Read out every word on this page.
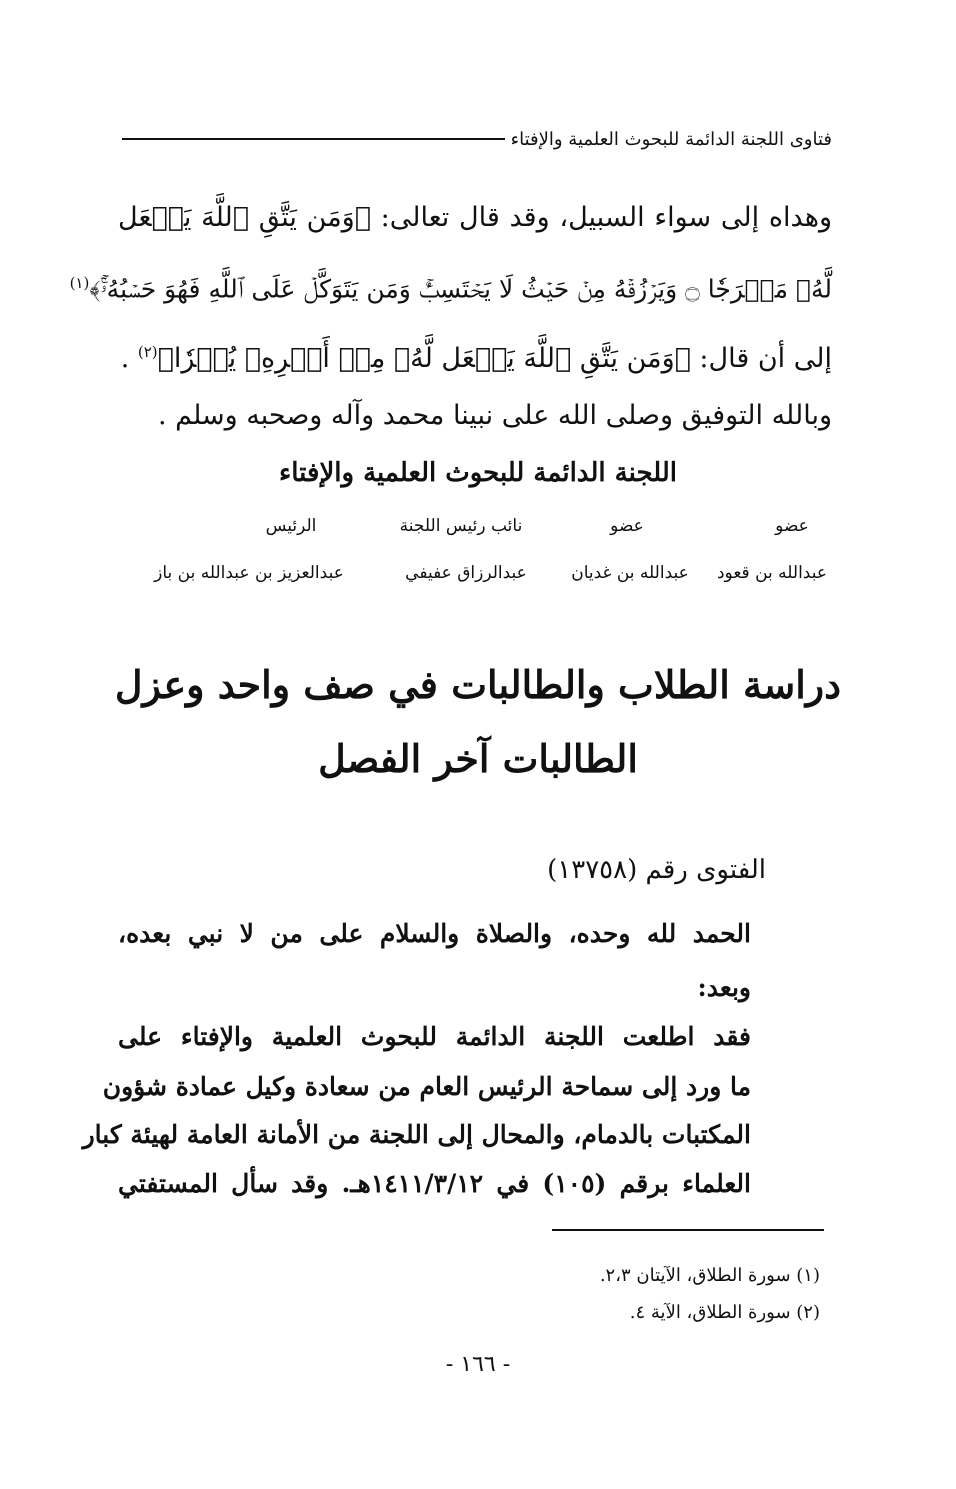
فتاوى اللجنة الدائمة للبحوث العلمية والإفتاء
وهداه إلى سواء السبيل، وقد قال تعالى: ﴿وَمَن يَتَّقِ ٱللَّهَ يَجۡعَل
لَّهُۥ مَخۡرَجٗا ۝ وَيَرۡزُقۡهُ مِنۡ حَيۡثُ لَا يَحۡتَسِبُۚ وَمَن يَتَوَكَّلۡ عَلَى ٱللَّهِ فَهُوَ حَسۡبُهُۥٓۚ﴾$^{(١)}$
إلى أن قال: ﴿وَمَن يَتَّقِ ٱللَّهَ يَجۡعَل لَّهُۥ مِنۡ أَمۡرِهِۦ يُسۡرٗا﴾$^{(٢)}$ .
وبالله التوفيق وصلى الله على نبينا محمد وآله وصحبه وسلم .
اللجنة الدائمة للبحوث العلمية والإفتاء
عضو
عضو
نائب رئيس اللجنة
الرئيس
عبدالله بن قعود
عبدالله بن غديان
عبدالرزاق عفيفي
عبدالعزيز بن عبدالله بن باز
دراسة الطلاب والطالبات في صف واحد وعزل
الطالبات آخر الفصل
الفتوى رقم (١٣٧٥٨)
الحمد لله وحده، والصلاة والسلام على من لا نبي بعده،
وبعد:
فقد اطلعت اللجنة الدائمة للبحوث العلمية والإفتاء على
ما ورد إلى سماحة الرئيس العام من سعادة وكيل عمادة شؤون
المكتبات بالدمام، والمحال إلى اللجنة من الأمانة العامة لهيئة كبار
العلماء برقم (١٠٥) في ١٤١١/٣/١٢هـ. وقد سأل المستفتي
(١) سورة الطلاق، الآيتان ٢،٣.
(٢) سورة الطلاق، الآية ٤.
- ١٦٦ -
